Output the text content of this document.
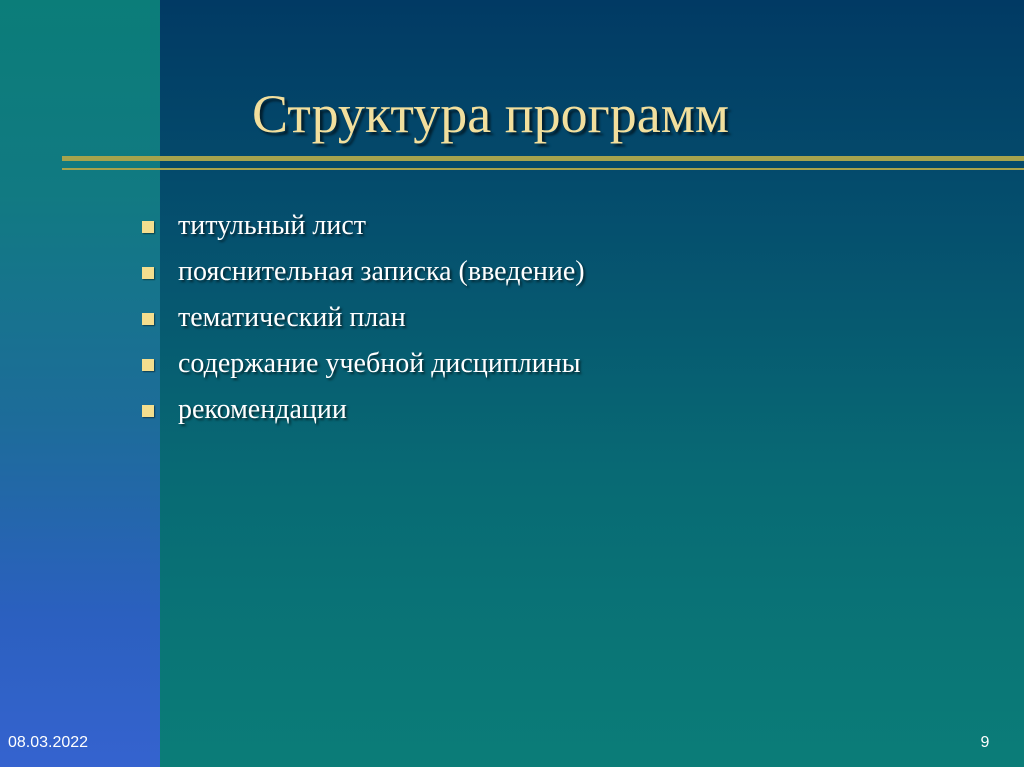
Структура программ
титульный лист
пояснительная записка (введение)
тематический план
содержание учебной дисциплины
рекомендации
08.03.2022	9
